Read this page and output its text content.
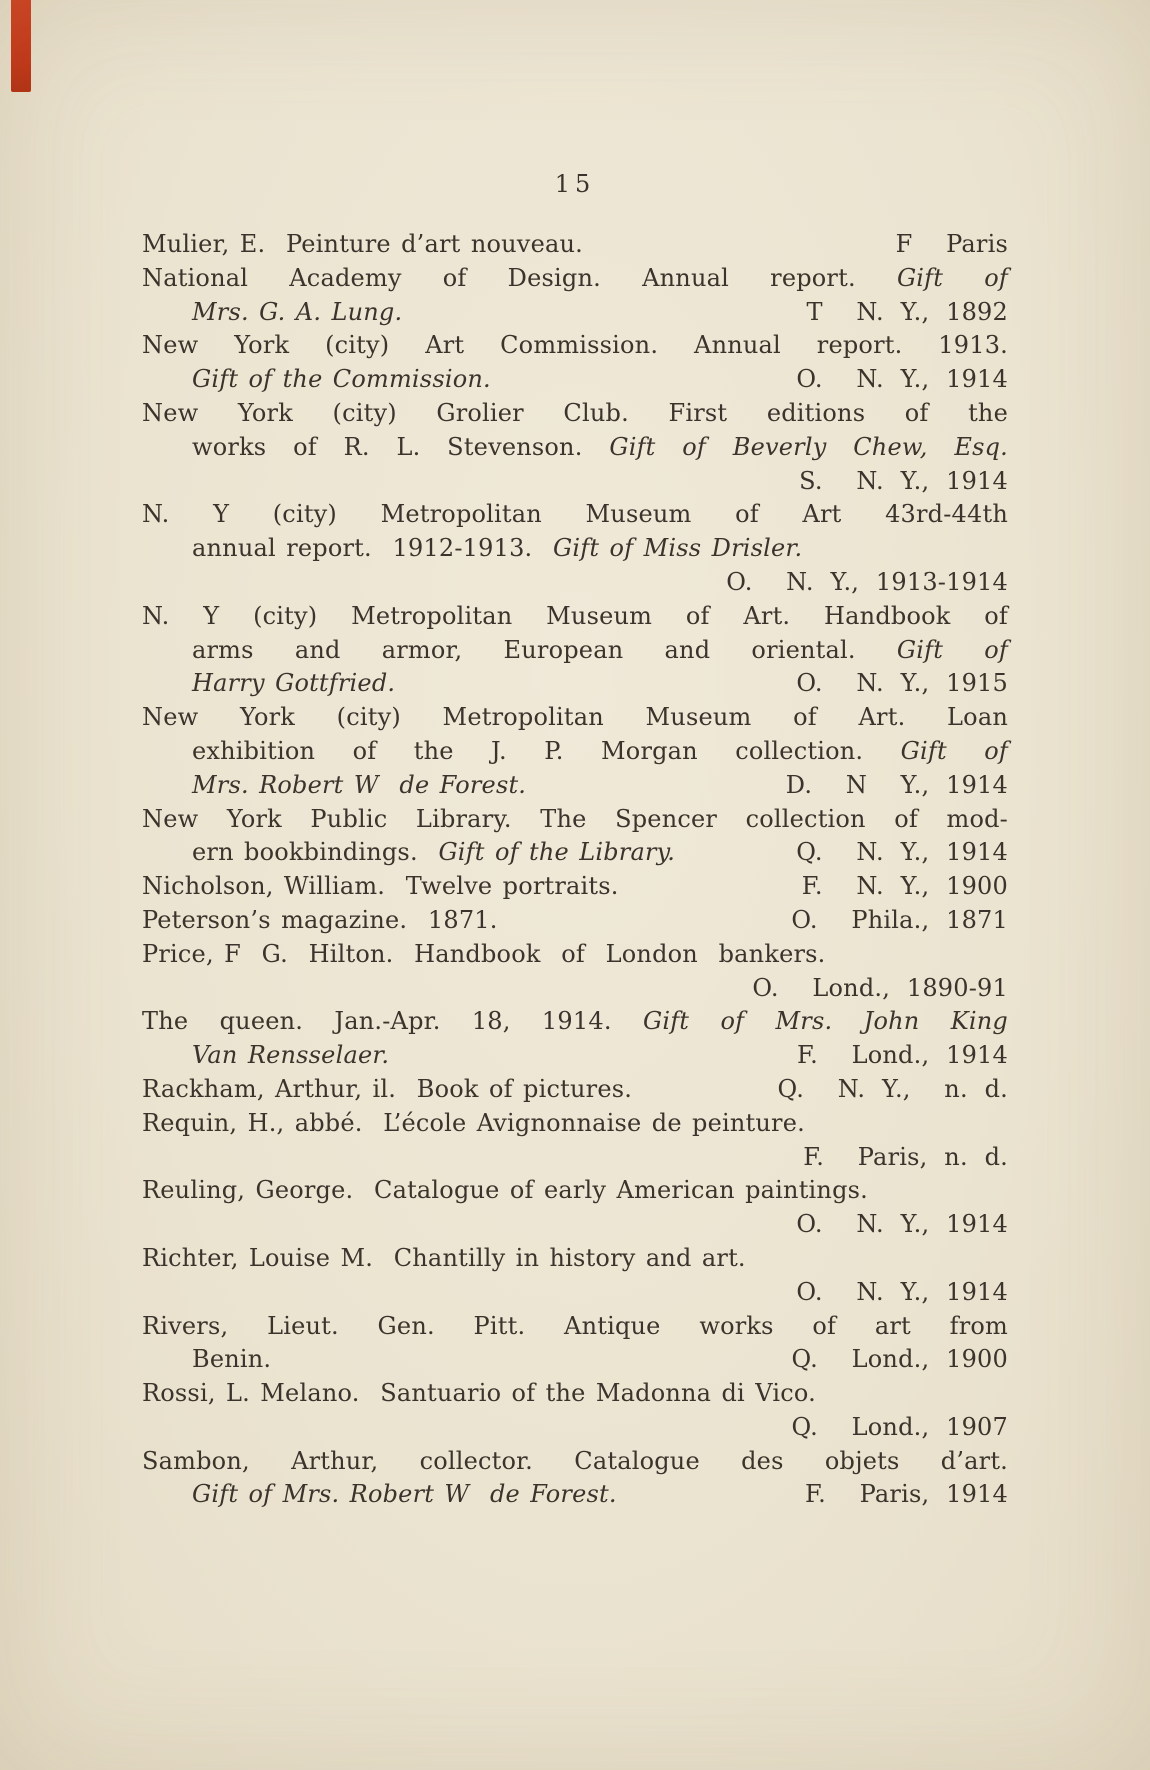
15
Mulier, E.  Peinture d’art nouveau.	F  Paris
National Academy of Design. Annual report. Gift of
Mrs. G. A. Lung.	T  N. Y., 1892
New York (city) Art Commission. Annual report. 1913.
Gift of the Commission.	O.  N. Y., 1914
New York (city) Grolier Club. First editions of the
works of R. L. Stevenson. Gift of Beverly Chew, Esq.
S.  N. Y., 1914
N. Y (city) Metropolitan Museum of Art 43rd-44th
annual report.  1912-1913.  Gift of Miss Drisler.
O.  N. Y., 1913-1914
N. Y (city) Metropolitan Museum of Art. Handbook of
arms and armor, European and oriental. Gift of
Harry Gottfried.	O.  N. Y., 1915
New York (city) Metropolitan Museum of Art. Loan
exhibition of the J. P. Morgan collection. Gift of
Mrs. Robert W  de Forest.	D.  N  Y., 1914
New York Public Library. The Spencer collection of mod-
ern bookbindings.  Gift of the Library.	Q.  N. Y., 1914
Nicholson, William.  Twelve portraits.	F.  N. Y., 1900
Peterson’s magazine.  1871.	O.  Phila., 1871
Price, F  G.  Hilton.  Handbook  of  London  bankers.
O.  Lond., 1890-91
The queen. Jan.-Apr. 18, 1914. Gift of Mrs. John King
Van Rensselaer.	F.  Lond., 1914
Rackham, Arthur, il.  Book of pictures.	Q.  N. Y.,  n. d.
Requin, H., abbé.  L’école Avignonnaise de peinture.
F.  Paris, n. d.
Reuling, George.  Catalogue of early American paintings.
O.  N. Y., 1914
Richter, Louise M.  Chantilly in history and art.
O.  N. Y., 1914
Rivers, Lieut. Gen. Pitt. Antique works of art from
Benin.	Q.  Lond., 1900
Rossi, L. Melano.  Santuario of the Madonna di Vico.
Q.  Lond., 1907
Sambon, Arthur, collector. Catalogue des objets d’art.
Gift of Mrs. Robert W  de Forest.	F.  Paris, 1914
